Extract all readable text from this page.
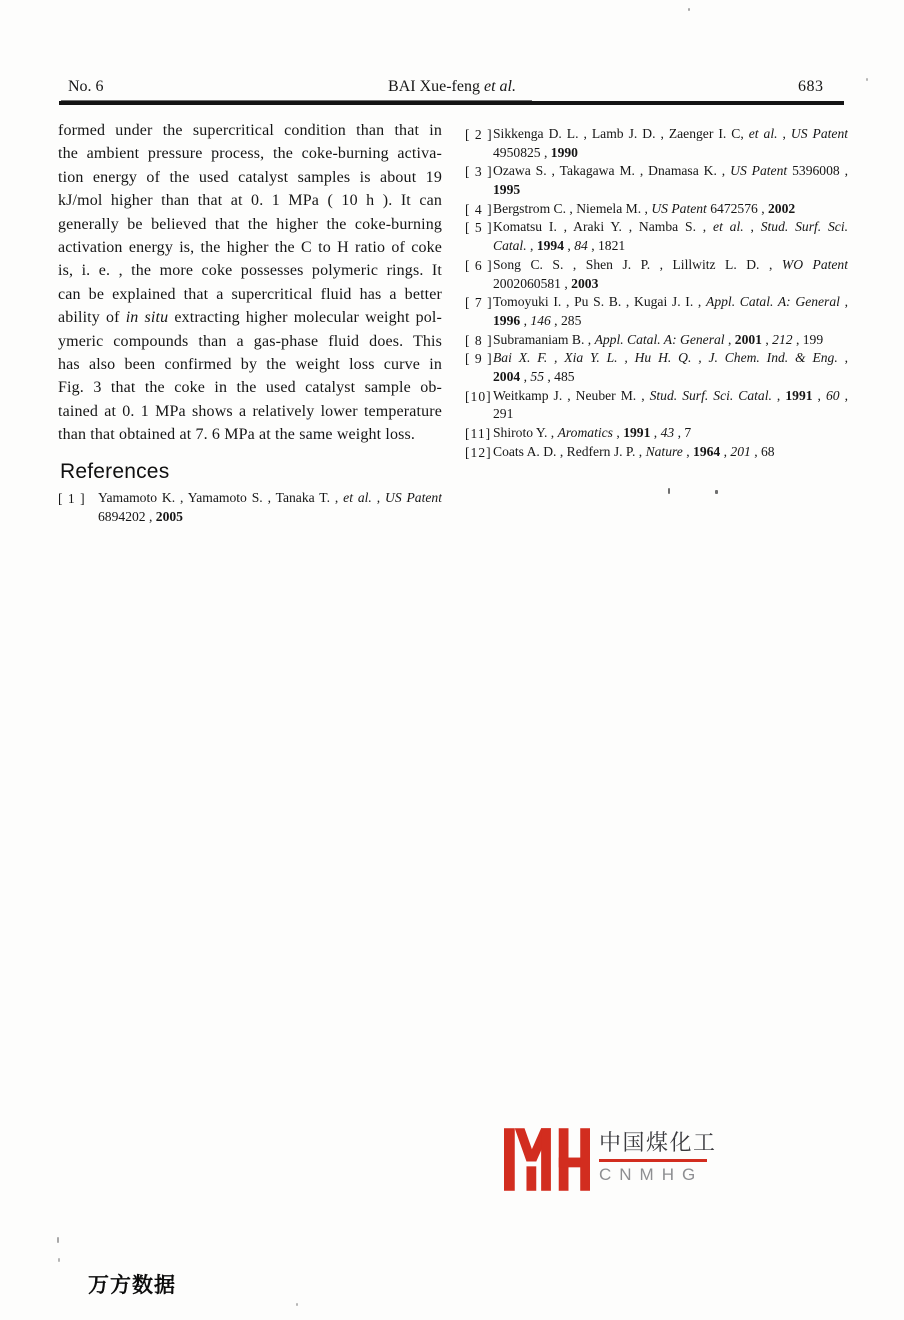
No. 6	BAI Xue-feng et al.	683
formed under the supercritical condition than that in
the ambient pressure process, the coke-burning activa-
tion energy of the used catalyst samples is about 19
kJ/mol higher than that at 0. 1 MPa ( 10 h ). It can
generally be believed that the higher the coke-burning
activation energy is, the higher the C to H ratio of coke
is, i. e. , the more coke possesses polymeric rings. It
can be explained that a supercritical fluid has a better
ability of in situ extracting higher molecular weight pol-
ymeric compounds than a gas-phase fluid does. This
has also been confirmed by the weight loss curve in
Fig. 3 that the coke in the used catalyst sample ob-
tained at 0. 1 MPa shows a relatively lower temperature
than that obtained at 7. 6 MPa at the same weight loss.
References
[ 1 ] Yamamoto K. , Yamamoto S. , Tanaka T. , et al. , US Patent
6894202 , 2005
[ 2 ] Sikkenga D. L. , Lamb J. D. , Zaenger I. C, et al. , US Patent
4950825 , 1990
[ 3 ] Ozawa S. , Takagawa M. , Dnamasa K. , US Patent 5396008 ,
1995
[ 4 ] Bergstrom C. , Niemela M. , US Patent 6472576 , 2002
[ 5 ] Komatsu I. , Araki Y. , Namba S. , et al. , Stud. Surf. Sci.
Catal. , 1994 , 84 , 1821
[ 6 ] Song C. S. , Shen J. P. , Lillwitz L. D. , WO Patent
2002060581 , 2003
[ 7 ] Tomoyuki I. , Pu S. B. , Kugai J. I. , Appl. Catal. A: General ,
1996 , 146 , 285
[ 8 ] Subramaniam B. , Appl. Catal. A: General , 2001 , 212 , 199
[ 9 ] Bai X. F. , Xia Y. L. , Hu H. Q. , J. Chem. Ind. & Eng. ,
2004 , 55 , 485
[10] Weitkamp J. , Neuber M. , Stud. Surf. Sci. Catal. , 1991 , 60 ,
291
[11] Shiroto Y. , Aromatics , 1991 , 43 , 7
[12] Coats A. D. , Redfern J. P. , Nature , 1964 , 201 , 68
中国煤化工
CNMHG
万方数据
